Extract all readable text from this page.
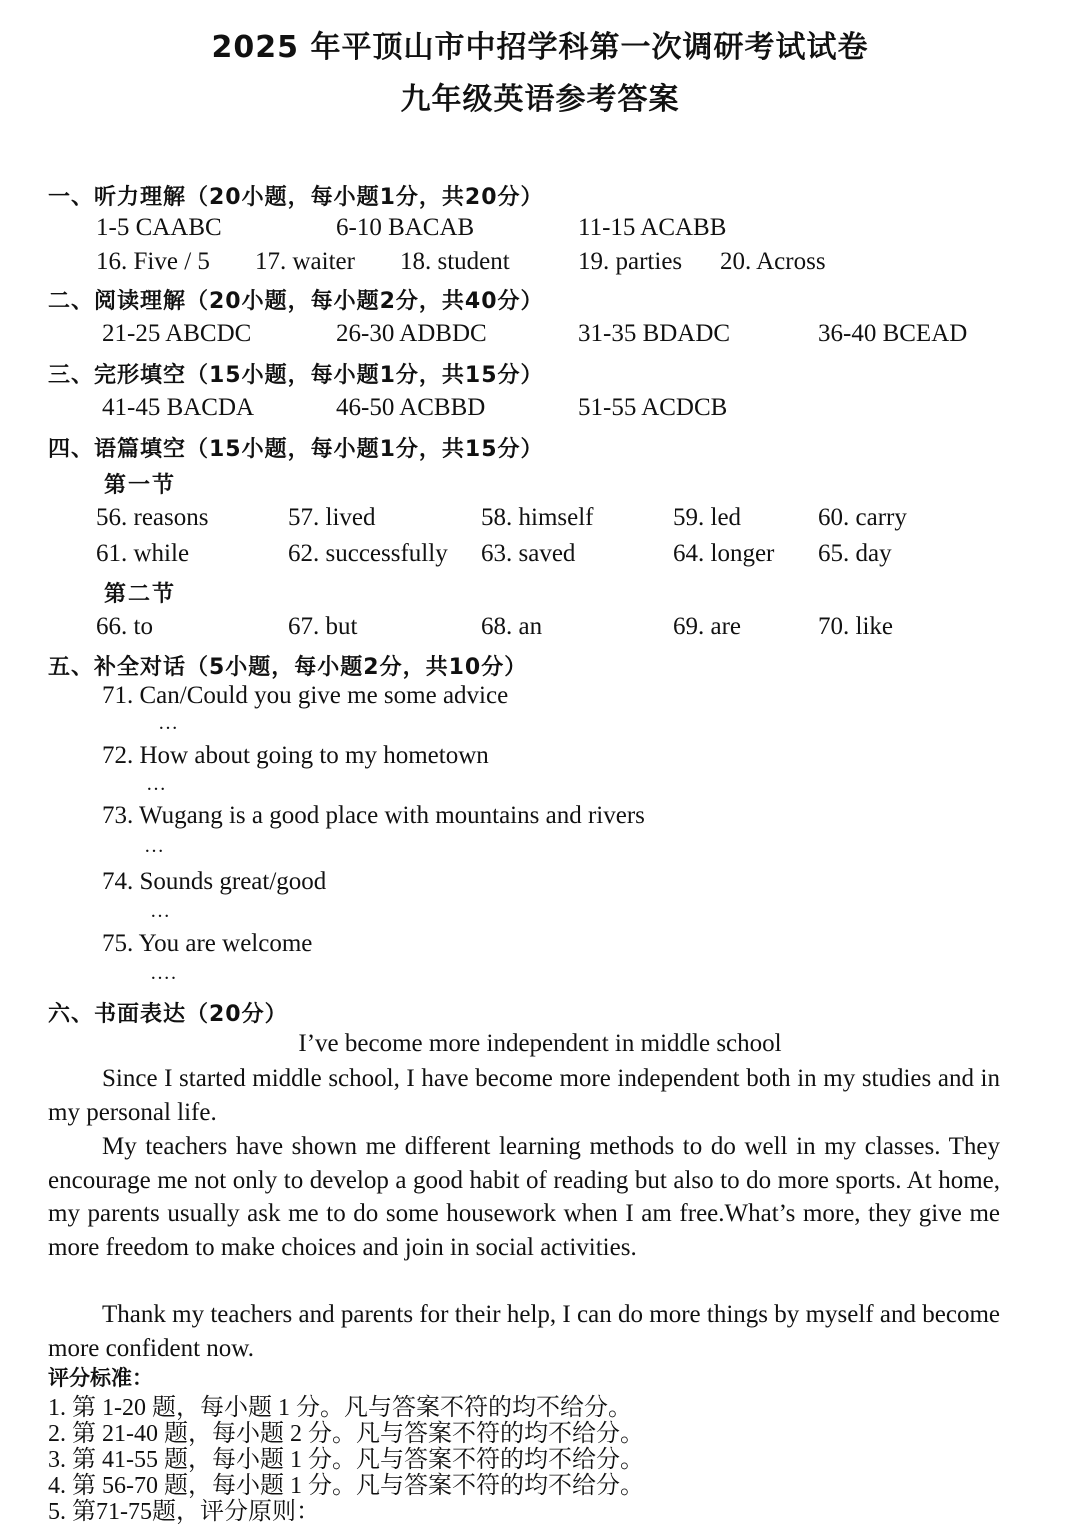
2025 年平顶山市中招学科第一次调研考试试卷
九年级英语参考答案
一、听力理解（20小题，每小题1分，共20分）
1-5 CAABC	6-10 BACAB	11-15 ACABB
16. Five / 5 17. waiter 18. student	19. parties 20. Across
二、阅读理解（20小题，每小题2分，共40分）
21-25 ABCDC	26-30 ADBDC	31-35 BDADC	36-40 BCEAD
三、完形填空（15小题，每小题1分，共15分）
41-45 BACDA	46-50 ACBBD	51-55 ACDCB
四、语篇填空（15小题，每小题1分，共15分）
第一节
56. reasons	57. lived	58. himself	59. led	60. carry
61. while	62. successfully 63. saved	64. longer 65. day
第二节
66. to	67. but	68. an	69. are	70. like
五、补全对话（5小题，每小题2分，共10分）
71. Can/Could you give me some advice
…
72. How about going to my hometown
…
73. Wugang is a good place with mountains and rivers
…
74. Sounds great/good
…
75. You are welcome
….
六、书面表达（20分）
I’ve become more independent in middle school

Since I started middle school, I have become more independent both in my studies and in my personal life.

My teachers have shown me different learning methods to do well in my classes. They encourage me not only to develop a good habit of reading but also to do more sports. At home, my parents usually ask me to do some housework when I am free.What’s more, they give me more freedom to make choices and join in social activities.

Thank my teachers and parents for their help, I can do more things by myself and become more confident now.

评分标准：
1. 第 1-20 题，每小题 1 分。凡与答案不符的均不给分。
2. 第 21-40 题，每小题 2 分。凡与答案不符的均不给分。
3. 第 41-55 题，每小题 1 分。凡与答案不符的均不给分。
4. 第 56-70 题，每小题 1 分。凡与答案不符的均不给分。
5. 第71-75题，评分原则：
